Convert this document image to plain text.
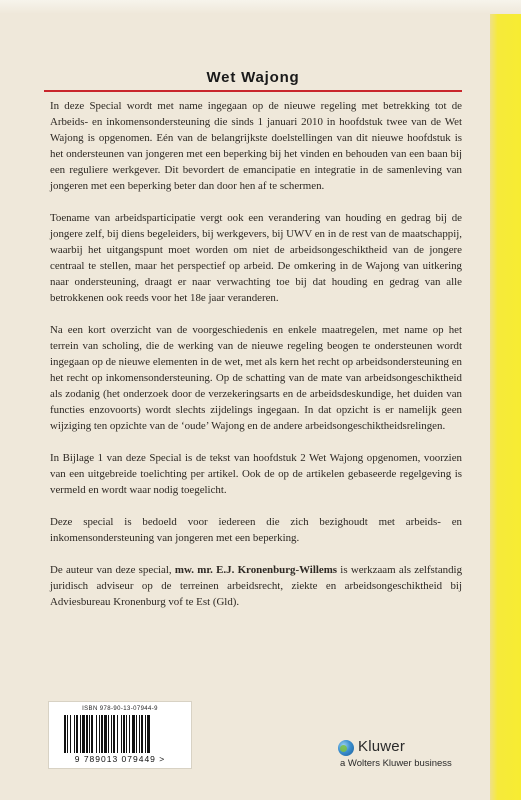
Wet Wajong

In deze Special wordt met name ingegaan op de nieuwe regeling met betrekking tot de Arbeids- en inkomensondersteuning die sinds 1 januari 2010 in hoofdstuk twee van de Wet Wajong is opgenomen. Eén van de belangrijkste doelstellingen van dit nieuwe hoofdstuk is het ondersteunen van jongeren met een beperking bij het vinden en behouden van een baan bij een reguliere werkgever. Dit bevordert de emancipatie en integratie in de samenleving van jongeren met een beperking beter dan door hen af te schermen.

Toename van arbeidsparticipatie vergt ook een verandering van houding en gedrag bij de jongere zelf, bij diens begeleiders, bij werkgevers, bij UWV en in de rest van de maatschappij, waarbij het uitgangspunt moet worden om niet de arbeidsongeschiktheid van de jongere centraal te stellen, maar het perspectief op arbeid. De omkering in de Wajong van uitkering naar ondersteuning, draagt er naar verwachting toe bij dat houding en gedrag van alle betrokkenen ook reeds voor het 18e jaar veranderen.

Na een kort overzicht van de voorgeschiedenis en enkele maatregelen, met name op het terrein van scholing, die de werking van de nieuwe regeling beogen te ondersteunen wordt ingegaan op de nieuwe elementen in de wet, met als kern het recht op arbeidsondersteuning en het recht op inkomensondersteuning. Op de schatting van de mate van arbeidsongeschiktheid als zodanig (het onderzoek door de verzekeringsarts en de arbeidsdeskundige, het duiden van functies enzovoorts) wordt slechts zijdelings ingegaan. In dat opzicht is er namelijk geen wijziging ten opzichte van de ‘oude’ Wajong en de andere arbeidsongeschiktheidsrelingen.

In Bijlage 1 van deze Special is de tekst van hoofdstuk 2 Wet Wajong opgenomen, voorzien van een uitgebreide toelichting per artikel. Ook de op de artikelen gebaseerde regelgeving is vermeld en wordt waar nodig toegelicht.

Deze special is bedoeld voor iedereen die zich bezighoudt met arbeids- en inkomensondersteuning van jongeren met een beperking.

De auteur van deze special, mw. mr. E.J. Kronenburg-Willems is werkzaam als zelfstandig juridisch adviseur op de terreinen arbeidsrecht, ziekte en arbeidsongeschiktheid bij Adviesbureau Kronenburg vof te Est (Gld).

ISBN 978-90-13-07944-9
9 789013 079449 >
Kluwer
a Wolters Kluwer business
